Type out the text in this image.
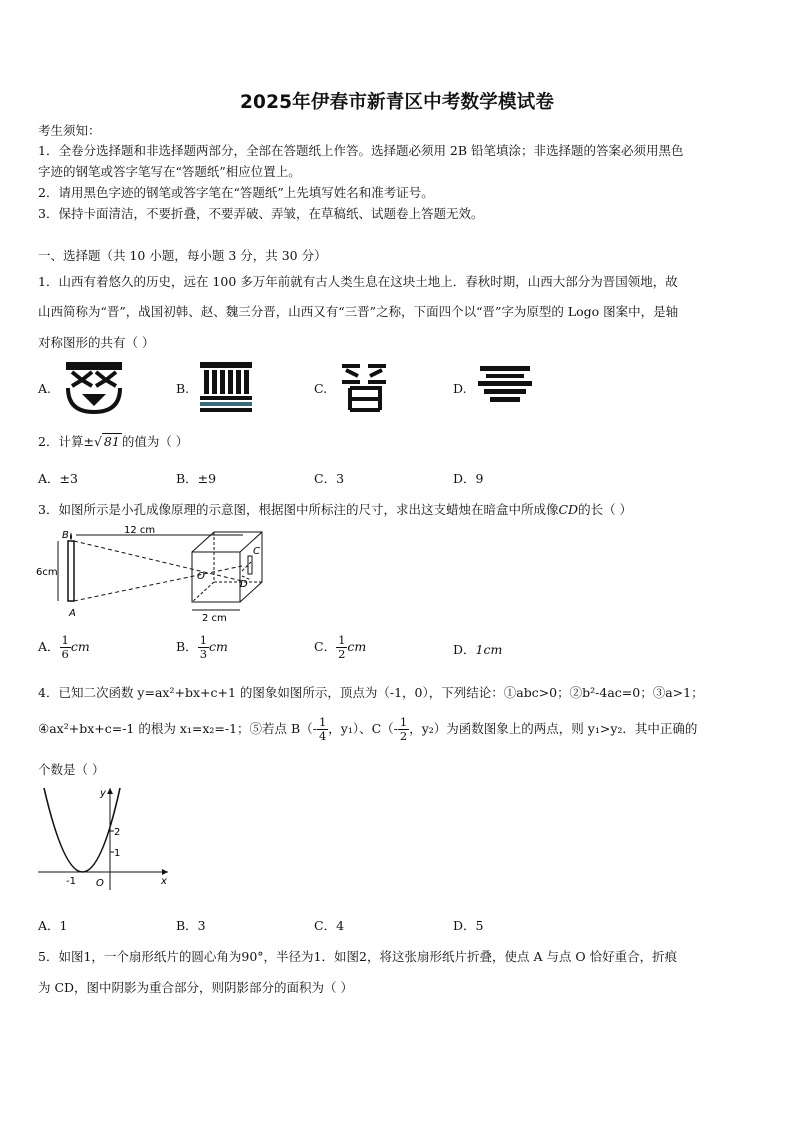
2025年伊春市新青区中考数学模试卷
考生须知：
1．全卷分选择题和非选择题两部分，全部在答题纸上作答。选择题必须用 2B 铅笔填涂；非选择题的答案必须用黑色
字迹的钢笔或答字笔写在“答题纸”相应位置上。
2．请用黑色字迹的钢笔或答字笔在“答题纸”上先填写姓名和准考证号。
3．保持卡面清洁，不要折叠，不要弄破、弄皱，在草稿纸、试题卷上答题无效。
一、选择题（共 10 小题，每小题 3 分，共 30 分）
1．山西有着悠久的历史，远在 100 多万年前就有古人类生息在这块土地上．春秋时期，山西大部分为晋国领地，故
山西简称为“晋”，战国初韩、赵、魏三分晋，山西又有“三晋”之称，下面四个以“晋”字为原型的 Logo 图案中，是轴
对称图形的共有（ ）
A.	B.	C.	D.
2．计算±√ 81 的值为（ ）
A．±3	B．±9	C．3	D．9
3．如图所示是小孔成像原理的示意图，根据图中所标注的尺寸，求出这支蜡烛在暗盒中所成像CD的长（ ）
B
A
6cm
12 cm
O
C
D
2 cm
A． $\frac{1}{6}$ cm	B． $\frac{1}{3}$ cm	C． $\frac{1}{2}$ cm	D．1cm
4．已知二次函数 y=ax²+bx+c+1 的图象如图所示，顶点为（-1，0），下列结论：①abc>0；②b²-4ac=0；③a>1；
④ax²+bx+c=-1 的根为 x₁=x₂=-1；⑤若点 $B(- \frac{1}{4}$ ，y₁）、$C(- \frac{1}{2}$ ，y₂）为函数图象上的两点，则 y₁>y₂．其中正确的
个数是（ ）
y
x
2
1
-1 O
A．1	B．3	C．4	D．5
5．如图1，一个扇形纸片的圆心角为90°，半径为1．如图2，将这张扇形纸片折叠，使点 A 与点 O 恰好重合，折痕
为 CD，图中阴影为重合部分，则阴影部分的面积为（ ）
